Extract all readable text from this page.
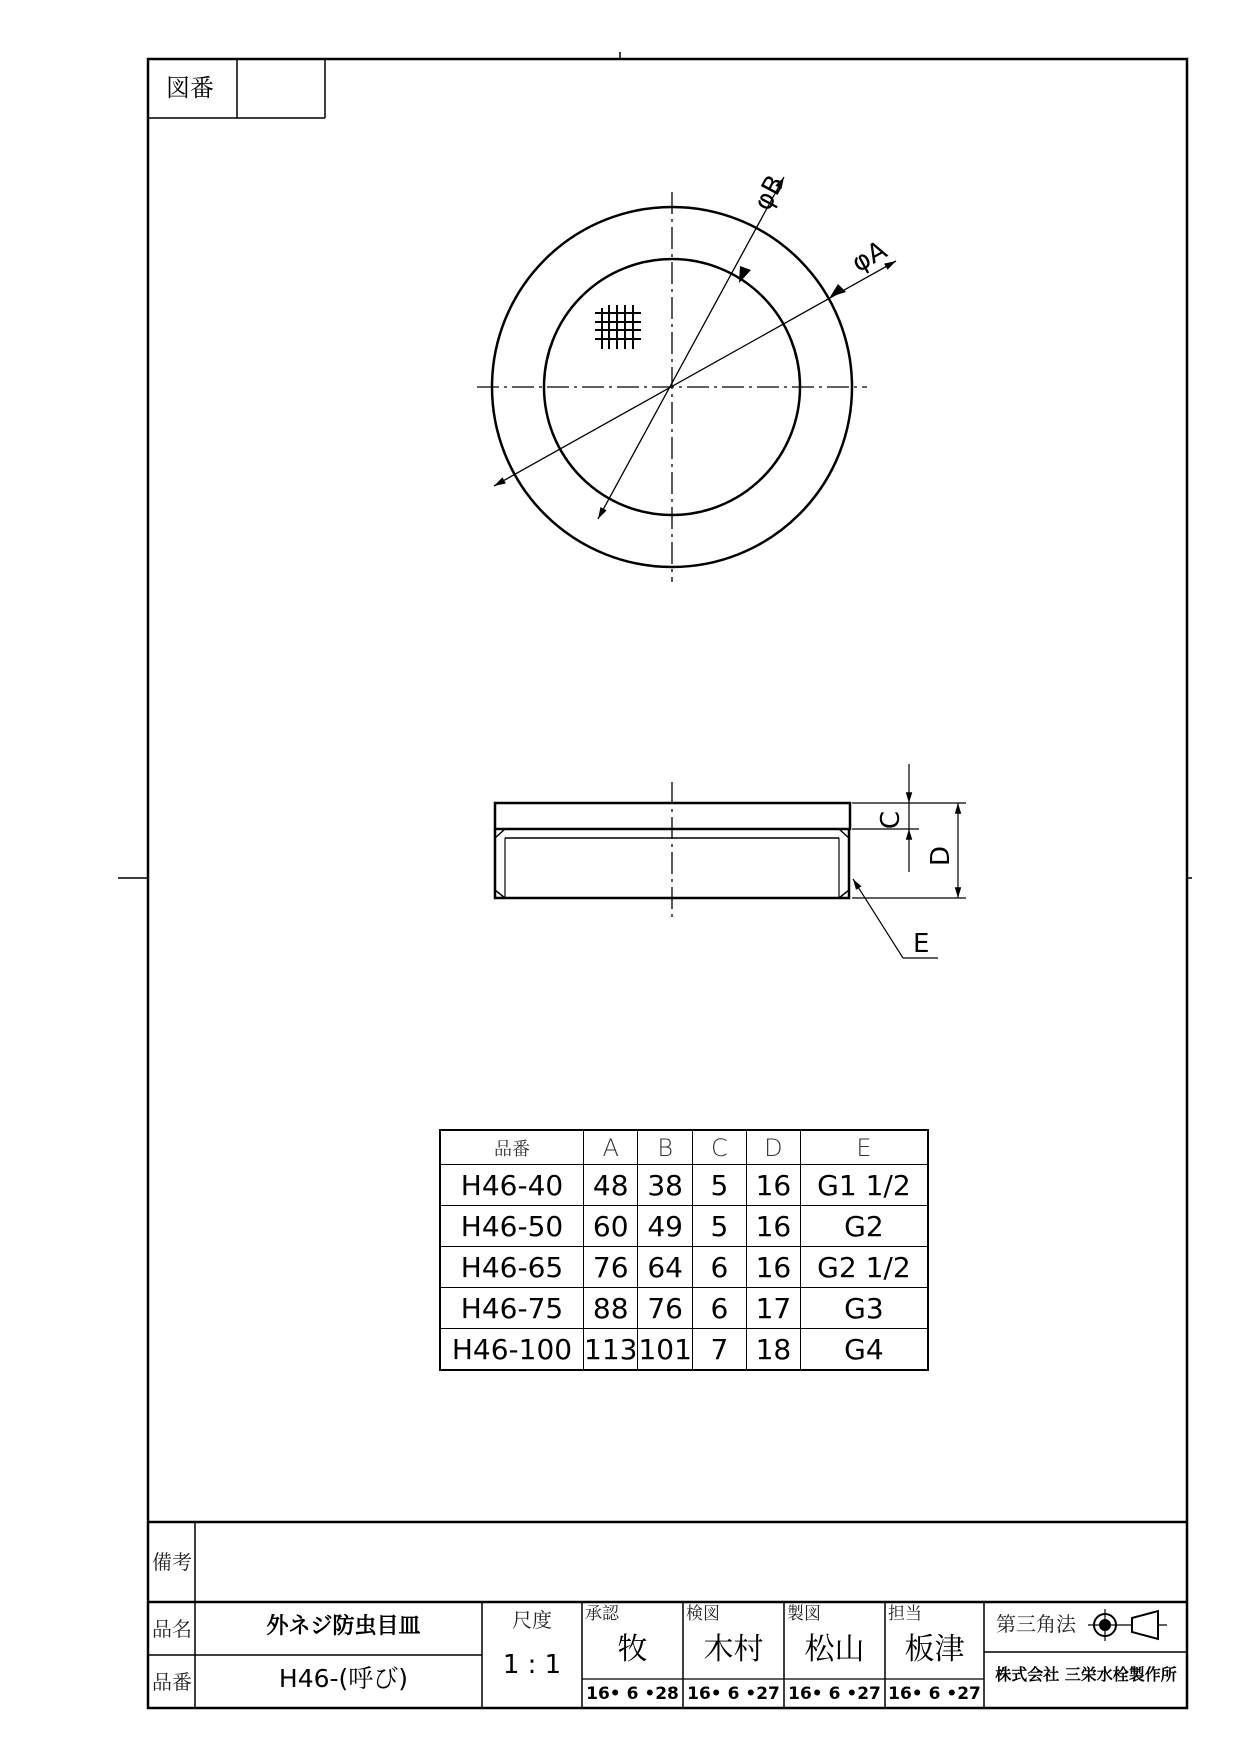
図番
φB
φA
C
D
E
品番	A	B	C	D	E
H46-40	48	38	5	16	G1 1/2
H46-50	60	49	5	16	G2
H46-65	76	64	6	16	G2 1/2
H46-75	88	76	6	17	G3
H46-100	113	101	7	18	G4
備考
品名	外ネジ防虫目皿
品番	H46-(呼び)
尺度
1 : 1
承認
牧
16• 6 •28
検図
木村
16• 6 •27
製図
松山
16• 6 •27
担当
板津
16• 6 •27
第三角法
株式会社 三栄水栓製作所
